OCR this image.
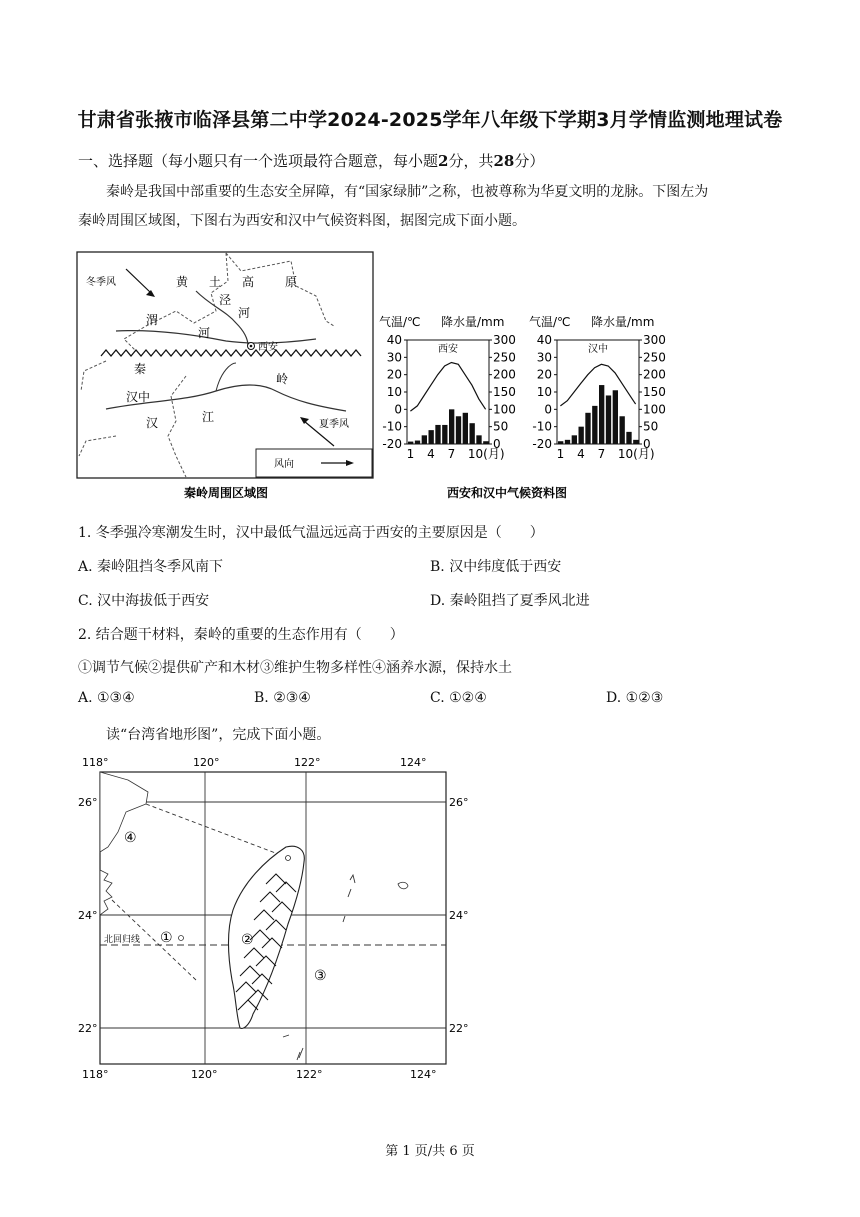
甘肃省张掖市临泽县第二中学2024-2025学年八年级下学期3月学情监测地理试卷
一、选择题（每小题只有一个选项最符合题意，每小题2分，共28分）
秦岭是我国中部重要的生态安全屏障，有“国家绿肺”之称，也被尊称为华夏文明的龙脉。下图左为
秦岭周围区域图，下图右为西安和汉中气候资料图，据图完成下面小题。
冬季风	黄 土 高	原
泾
河
渭
河
西安
秦
岭
汉中
汉	江
夏季风
风向
秦岭周围区域图
气温/℃ 降水量/mm
西安
40
30
20
10
0
-10
-20
300
250
200
150
100
50
0
1 4 7 10(月)
气温/℃ 降水量/mm
汉中
40
30
20
10
0
-10
-20
300
250
200
150
100
50
0
1 4 7 10(月)
西安和汉中气候资料图
1. 冬季强冷寒潮发生时，汉中最低气温远远高于西安的主要原因是（　　）
A. 秦岭阻挡冬季风南下	B. 汉中纬度低于西安
C. 汉中海拔低于西安	D. 秦岭阻挡了夏季风北进
2. 结合题干材料，秦岭的重要的生态作用有（　　）
①调节气候②提供矿产和木材③维护生物多样性④涵养水源，保持水土
A. ①③④	B. ②③④	C. ①②④	D. ①②③
读“台湾省地形图”，完成下面小题。
118°	120°	122°	124°
118°	120°	122°	124°
26°
24°
22°
26°
24°
22°
北回归线 ①	②
③
④
第 1 页/共 6 页
